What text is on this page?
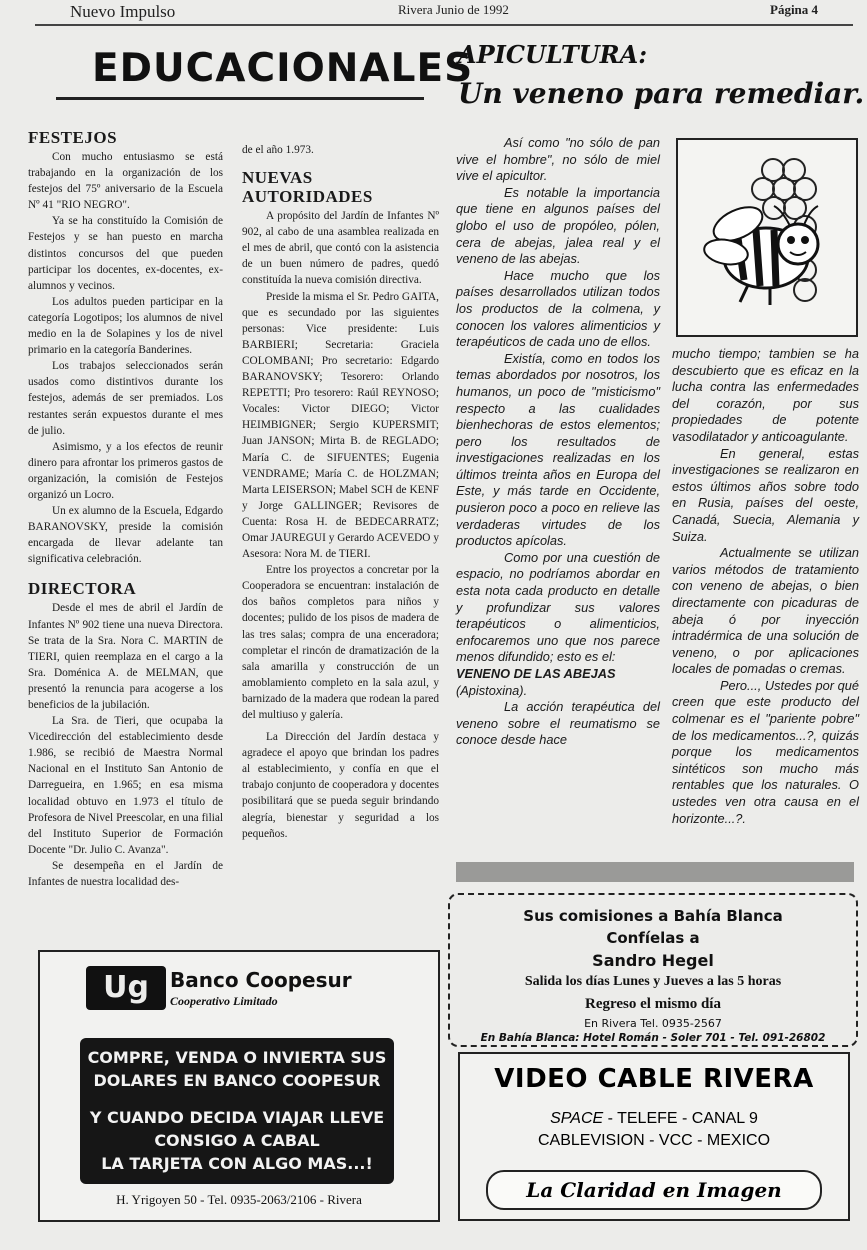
Nuevo Impulso	Rivera Junio de 1992	Página 4
EDUCACIONALES
APICULTURA:
Un veneno para remediar.
FESTEJOS

Con mucho entusiasmo se está trabajando en la organización de los festejos del 75º aniversario de la Escuela Nº 41 "RIO NEGRO".

Ya se ha constituído la Comisión de Festejos y se han puesto en marcha distintos concursos del que pueden participar los docentes, ex-docentes, ex-alumnos y vecinos.

Los adultos pueden participar en la categoría Logotipos; los alumnos de nivel medio en la de Solapines y los de nivel primario en la categoría Banderines.

Los trabajos seleccionados serán usados como distintivos durante los festejos, además de ser premiados. Los restantes serán expuestos durante el mes de julio.

Asimismo, y a los efectos de reunir dinero para afrontar los primeros gastos de organización, la comisión de Festejos organizó un Locro.

Un ex alumno de la Escuela, Edgardo BARANOVSKY, preside la comisión encargada de llevar adelante tan significativa celebración.

DIRECTORA

Desde el mes de abril el Jardín de Infantes Nº 902 tiene una nueva Directora. Se trata de la Sra. Nora C. MARTIN de TIERI, quien reemplaza en el cargo a la Sra. Doménica A. de MELMAN, que presentó la renuncia para acogerse a los beneficios de la jubilación.

La Sra. de Tieri, que ocupaba la Vicedirección del establecimiento desde 1.986, se recibió de Maestra Normal Nacional en el Instituto San Antonio de Darregueira, en 1.965; en esa misma localidad obtuvo en 1.973 el título de Profesora de Nivel Preescolar, en una filial del Instituto Superior de Formación Docente "Dr. Julio C. Avanza".

Se desempeña en el Jardín de Infantes de nuestra localidad des-

de el año 1.973.

NUEVAS AUTORIDADES

A propósito del Jardín de Infantes Nº 902, al cabo de una asamblea realizada en el mes de abril, que contó con la asistencia de un buen número de padres, quedó constituída la nueva comisión directiva.

Preside la misma el Sr. Pedro GAITA, que es secundado por las siguientes personas: Vice presidente: Luis BARBIERI; Secretaria: Graciela COLOMBANI; Pro secretario: Edgardo BARANOVSKY; Tesorero: Orlando REPETTI; Pro tesorero: Raúl REYNOSO; Vocales: Victor DIEGO; Victor HEIMBIGNER; Sergio KUPERSMIT; Juan JANSON; Mirta B. de REGLADO; María C. de SIFUENTES; Eugenia VENDRAME; María C. de HOLZMAN; Marta LEISERSON; Mabel SCH de KENF y Jorge GALLINGER; Revisores de Cuenta: Rosa H. de BEDECARRATZ; Omar JAUREGUI y Gerardo ACEVEDO y Asesora: Nora M. de TIERI.

Entre los proyectos a concretar por la Cooperadora se encuentran: instalación de dos baños completos para niños y docentes; pulido de los pisos de madera de las tres salas; compra de una enceradora; completar el rincón de dramatización de la sala amarilla y construcción de un amoblamiento completo en la sala azul, y barnizado de la madera que rodean la pared del multiuso y galería.

La Dirección del Jardín destaca y agradece el apoyo que brindan los padres al establecimiento, y confía en que el trabajo conjunto de cooperadora y docentes posibilitará que se pueda seguir brindando alegría, bienestar y seguridad a los pequeños.

Así como "no sólo de pan vive el hombre", no sólo de miel vive el apicultor.

Es notable la importancia que tiene en algunos países del globo el uso de propóleo, pólen, cera de abejas, jalea real y el veneno de las abejas.

Hace mucho que los países desarrollados utilizan todos los productos de la colmena, y conocen los valores alimenticios y terapéuticos de cada uno de ellos.

Existía, como en todos los temas abordados por nosotros, los humanos, un poco de "misticismo" respecto a las cualidades bienhechoras de estos elementos; pero los resultados de investigaciones realizadas en los últimos treinta años en Europa del Este, y más tarde en Occidente, pusieron poco a poco en relieve las verdaderas virtudes de los productos apícolas.

Como por una cuestión de espacio, no podríamos abordar en esta nota cada producto en detalle y profundizar sus valores terapéuticos o alimenticios, enfocaremos uno que nos parece menos difundido; esto es el:

VENENO DE LAS ABEJAS

(Apistoxina).

La acción terapéutica del veneno sobre el reumatismo se conoce desde hace

mucho tiempo; tambien se ha descubierto que es eficaz en la lucha contra las enfermedades del corazón, por sus propiedades de potente vasodilatador y anticoagulante.

En general, estas investigaciones se realizaron en estos últimos años sobre todo en Rusia, países del oeste, Canadá, Suecia, Alemania y Suiza.

Actualmente se utilizan varios métodos de tratamiento con veneno de abejas, o bien directamente con picaduras de abeja ó por inyección intradérmica de una solución de veneno, o por aplicaciones locales de pomadas o cremas.

Pero..., Ustedes por qué creen que este producto del colmenar es el "pariente pobre" de los medicamentos...?, quizás porque los medicamentos sintéticos son mucho más rentables que los naturales. O ustedes ven otra causa en el horizonte...?.

Sus comisiones a Bahía Blanca
Confíelas a
Sandro Hegel
Salida los días Lunes y Jueves a las 5 horas
Regreso el mismo día
En Rivera Tel. 0935-2567
En Bahía Blanca: Hotel Román - Soler 701 - Tel. 091-26802
VIDEO CABLE RIVERA
SPACE - TELEFE - CANAL 9
CABLEVISION - VCC - MEXICO
La Claridad en Imagen
Ug	Banco Coopesur
Cooperativo Limitado
COMPRE, VENDA O INVIERTA SUS
DOLARES EN BANCO COOPESUR
Y CUANDO DECIDA VIAJAR LLEVE
CONSIGO A CABAL
LA TARJETA CON ALGO MAS...!
H. Yrigoyen 50 - Tel. 0935-2063/2106 - Rivera
